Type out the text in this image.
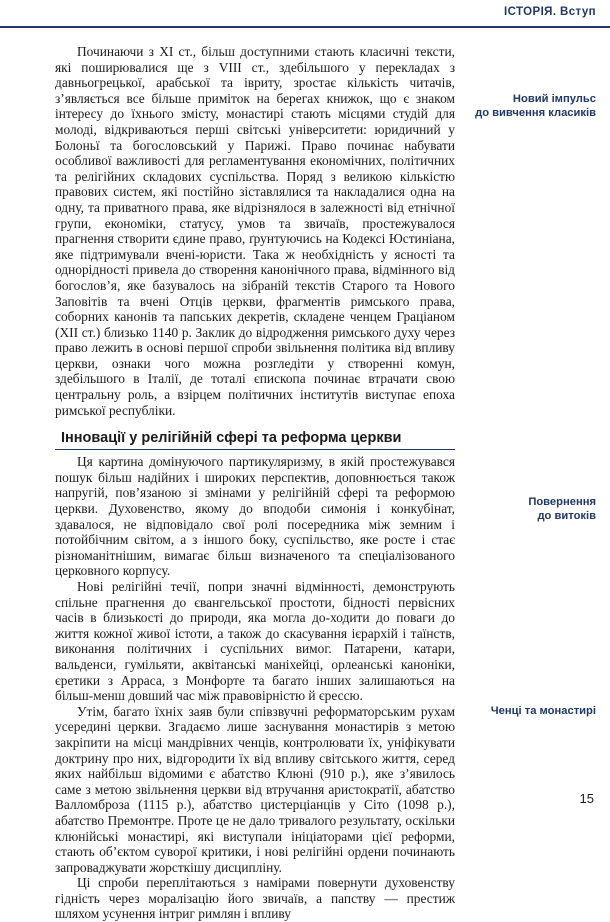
ІСТОРІЯ. Вступ
Новий імпульс
до вивчення класиків
Повернення
до витоків
Ченці та монастирі

Починаючи з XI ст., більш доступними стають класичні тексти, які поширювалися ще з VIII ст., здебільшого у перекладах з давньогрецької, арабської та івриту, зростає кількість читачів, з’являється все більше приміток на берегах книжок, що є знаком інтересу до їхнього змісту, монастирі стають місцями студій для молоді, відкриваються перші світські університети: юридичний у Болоньї та богословський у Парижі. Право починає набувати особливої важливості для регламентування економічних, політичних та релігійних складових суспільства. Поряд з великою кількістю правових систем, які постійно зіставлялися та накладалися одна на одну, та приватного права, яке відрізнялося в залежності від етнічної групи, економіки, статусу, умов та звичаїв, простежувалося прагнення створити єдине право, ґрунтуючись на Кодексі Юстиніана, яке підтримували вчені-юристи. Така ж необхідність у ясності та однорідності привела до створення канонічного права, відмінного від богослов’я, яке базувалось на зібраній текстів Старого та Нового Заповітів та вчені Отців церкви, фрагментів римського права, соборних канонів та папських декретів, складене ченцем Граціаном (XII ст.) близько 1140 р. Заклик до відродження римського духу через право лежить в основі першої спроби звільнення політика від впливу церкви, ознаки чого можна розгледіти у створенні комун, здебільшого в Італії, де тоталі єпископа починає втрачати свою центральну роль, а взірцем політичних інститутів виступає епоха римської республіки.

Інновації у релігійній сфері та реформа церкви

Ця картина домінуючого партикуляризму, в якій простежувався пошук більш надійних і широких перспектив, доповнюється також напругій, пов’язаною зі змінами у релігійній сфері та реформою церкви. Духовенство, якому до вподоби симонія і конкубінат, здавалося, не відповідало свої ролі посередника між земним і потойбічним світом, а з іншого боку, суспільство, яке росте і стає різноманітнішим, вимагає більш визначеного та спеціалізованого церковного корпусу.

Нові релігійні течії, попри значні відмінності, демонструють спільне прагнення до євангельської простоти, бідності первісних часів в близькості до природи, яка могла до-ходити до поваги до життя кожної живої істоти, а також до скасування ієрархій і таїнств, виконання політичних і суспільних вимог. Патарени, катари, вальденси, гумільяти, аквітанські маніхейці, орлеанські каноніки, єретики з Арраса, з Монфорте та багато інших залишаються на більш-менш довший час між правовірністю й єрессю.

Утім, багато їхніх заяв були співзвучні реформаторським рухам усередині церкви. Згадаємо лише заснування монастирів з метою закріпити на місці мандрівних ченців, контролювати їх, уніфікувати доктрину про них, відгородити їх від впливу світського життя, серед яких найбільш відомими є абатство Клюні (910 р.), яке з’явилось саме з метою звільнення церкви від втручання аристократії, абатство Валломброза (1115 р.), абатство цистерціанців у Сіто (1098 р.), абатство Премонтре. Проте це не дало тривалого результату, оскільки клюнійські монастирі, які виступали ініціаторами цієї реформи, стають об’єктом суворої критики, і нові релігійні ордени починають запроваджувати жорсткішу дисципліну.

Ці спроби переплітаються з намірами повернути духовенству гідність через моралізацію його звичаїв, а папству — престиж шляхом усунення інтриг римлян і впливу

15
